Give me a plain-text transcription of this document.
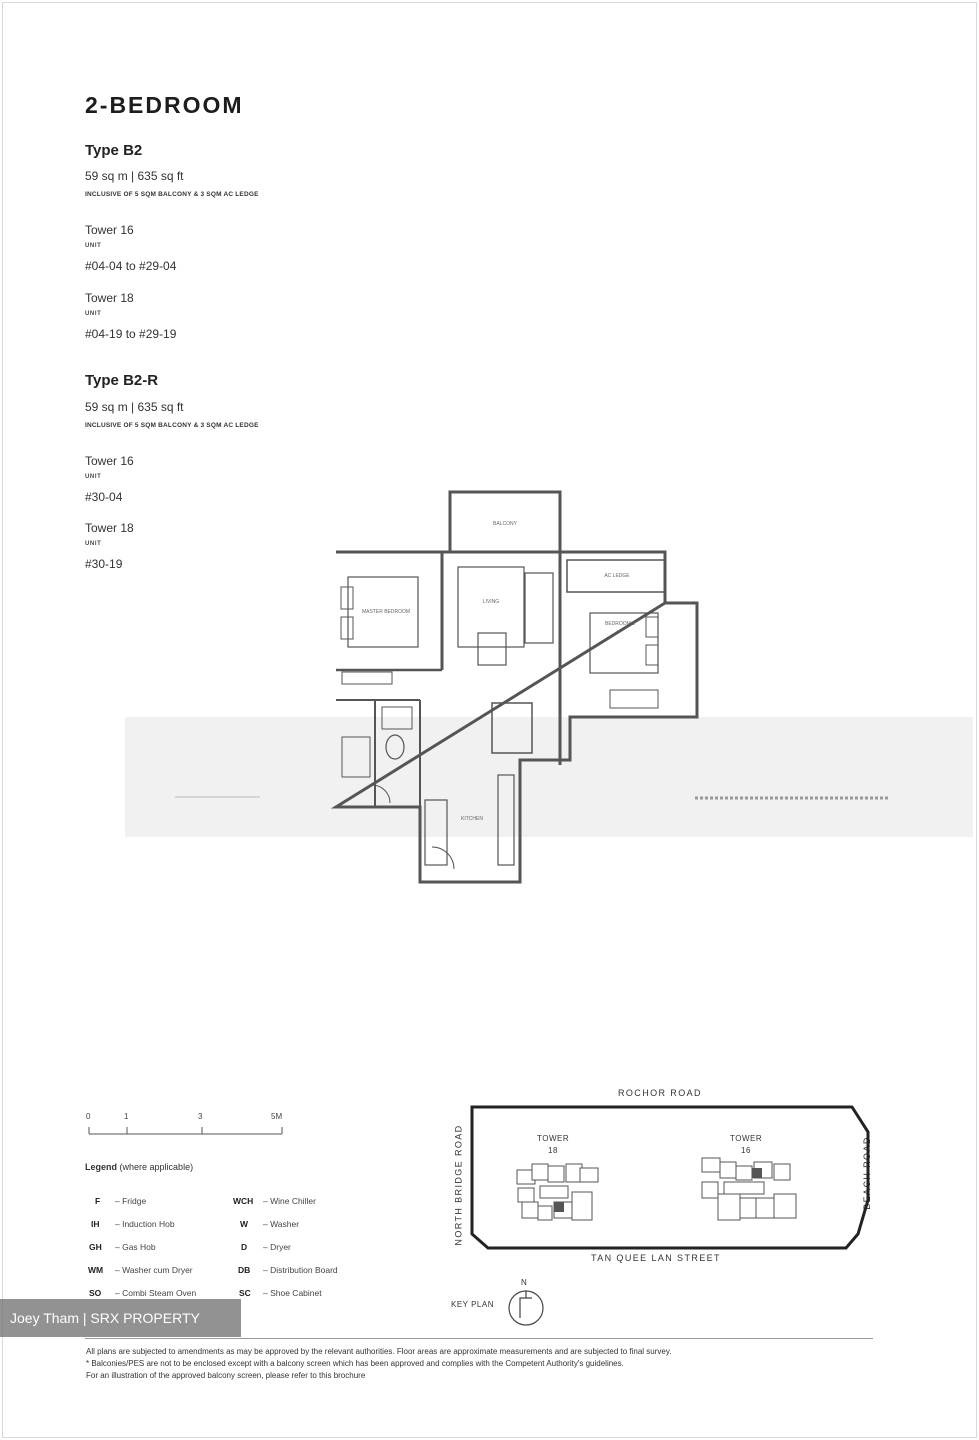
2-BEDROOM
Type B2
59 sq m | 635 sq ft
INCLUSIVE OF 5 SQM BALCONY & 3 SQM AC LEDGE
Tower 16
UNIT
#04-04 to #29-04
Tower 18
UNIT
#04-19 to #29-19
Type B2-R
59 sq m | 635 sq ft
INCLUSIVE OF 5 SQM BALCONY & 3 SQM AC LEDGE
Tower 16
UNIT
#30-04
Tower 18
UNIT
#30-19
BALCONY
AC LEDGE
MASTER BEDROOM
LIVING
BEDROOM 2
KITCHEN
0	1	3	5M
Legend (where applicable)
F – Fridge
IH – Induction Hob
GH – Gas Hob
WM – Washer cum Dryer
SO – Combi Steam Oven
WCH – Wine Chiller
W – Washer
D – Dryer
DB – Distribution Board
SC – Shoe Cabinet
ROCHOR ROAD
TAN QUEE LAN STREET
NORTH BRIDGE ROAD	BEACH ROAD
TOWER
18
TOWER
16
KEY PLAN
N
All plans are subjected to amendments as may be approved by the relevant authorities. Floor areas are approximate measurements and are subjected to final survey.
* Balconies/PES are not to be enclosed except with a balcony screen which has been approved and complies with the Competent Authority's guidelines.
For an illustration of the approved balcony screen, please refer to this brochure
Joey Tham | SRX PROPERTY
